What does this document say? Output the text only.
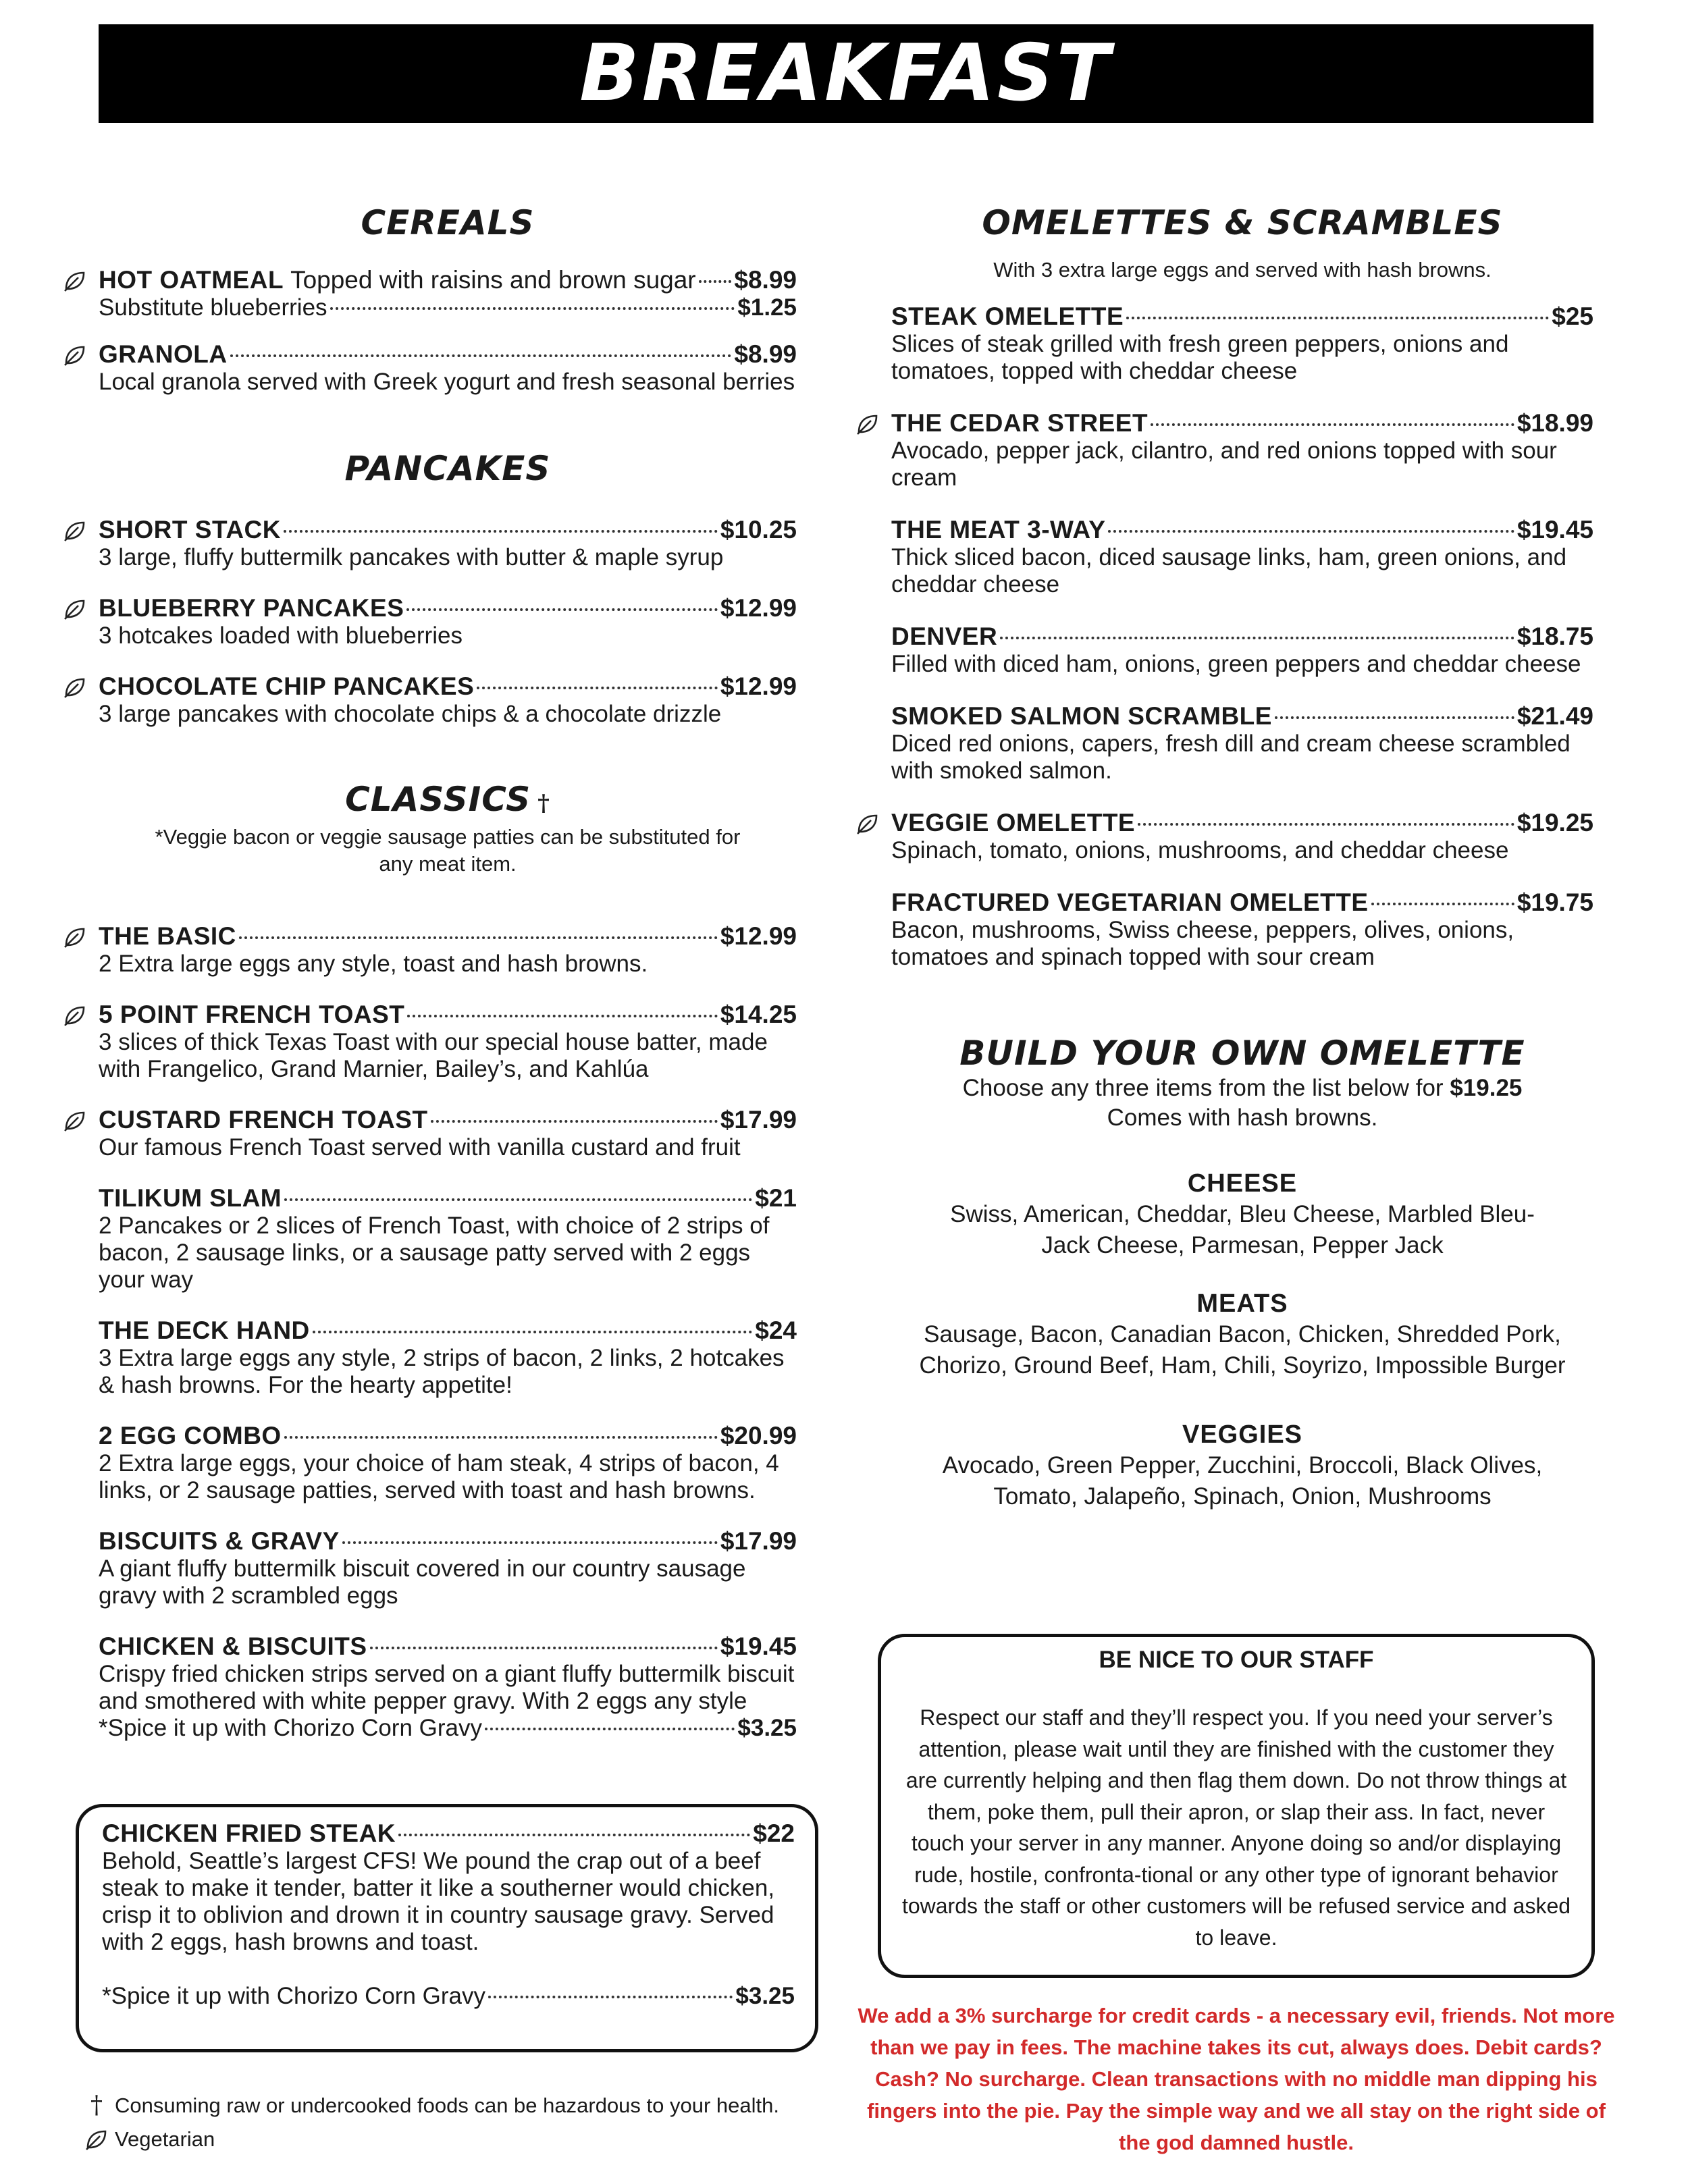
BREAKFAST
CEREALS
HOT OATMEAL Topped with raisins and brown sugar $8.99
Substitute blueberries	$1.25
GRANOLA	$8.99

Local granola served with Greek yogurt and fresh seasonal berries

PANCAKES
SHORT STACK	$10.25

3 large, fluffy buttermilk pancakes with butter & maple syrup

BLUEBERRY PANCAKES	$12.99

3 hotcakes loaded with blueberries

CHOCOLATE CHIP PANCAKES	$12.99

3 large pancakes with chocolate chips & a chocolate drizzle

CLASSICS †

*Veggie bacon or veggie sausage patties can be substituted for any meat item.

THE BASIC	$12.99

2 Extra large eggs any style, toast and hash browns.

5 POINT FRENCH TOAST	$14.25

3 slices of thick Texas Toast with our special house batter, made with Frangelico, Grand Marnier, Bailey’s, and Kahlúa

CUSTARD FRENCH TOAST	$17.99

Our famous French Toast served with vanilla custard and fruit

TILIKUM SLAM	$21

2 Pancakes or 2 slices of French Toast, with choice of 2 strips of bacon, 2 sausage links, or a sausage patty served with 2 eggs your way

THE DECK HAND	$24

3 Extra large eggs any style, 2 strips of bacon, 2 links, 2 hotcakes & hash browns. For the hearty appetite!

2 EGG COMBO	$20.99

2 Extra large eggs, your choice of ham steak, 4 strips of bacon, 4 links, or 2 sausage patties, served with toast and hash browns.

BISCUITS & GRAVY	$17.99

A giant fluffy buttermilk biscuit covered in our country sausage gravy with 2 scrambled eggs

CHICKEN & BISCUITS	$19.45

Crispy fried chicken strips served on a giant fluffy buttermilk biscuit and smothered with white pepper gravy. With 2 eggs any style

*Spice it up with Chorizo Corn Gravy	$3.25
CHICKEN FRIED STEAK	$22

Behold, Seattle’s largest CFS! We pound the crap out of a beef steak to make it tender, batter it like a southerner would chicken, crisp it to oblivion and drown it in country sausage gravy. Served with 2 eggs, hash browns and toast.

*Spice it up with Chorizo Corn Gravy	$3.25
† Consuming raw or undercooked foods can be hazardous to your health.
Vegetarian
OMELETTES & SCRAMBLES

With 3 extra large eggs and served with hash browns.

STEAK OMELETTE	$25

Slices of steak grilled with fresh green peppers, onions and tomatoes, topped with cheddar cheese

THE CEDAR STREET	$18.99

Avocado, pepper jack, cilantro, and red onions topped with sour cream

THE MEAT 3-WAY	$19.45

Thick sliced bacon, diced sausage links, ham, green onions, and cheddar cheese

DENVER	$18.75

Filled with diced ham, onions, green peppers and cheddar cheese

SMOKED SALMON SCRAMBLE	$21.49

Diced red onions, capers, fresh dill and cream cheese scrambled with smoked salmon.

VEGGIE OMELETTE	$19.25

Spinach, tomato, onions, mushrooms, and cheddar cheese

FRACTURED VEGETARIAN OMELETTE	$19.75

Bacon, mushrooms, Swiss cheese, peppers, olives, onions, tomatoes and spinach topped with sour cream

BUILD YOUR OWN OMELETTE
Choose any three items from the list below for $19.25
Comes with hash browns.
CHEESE
Swiss, American, Cheddar, Bleu Cheese, Marbled Bleu-Jack Cheese, Parmesan, Pepper Jack
MEATS
Sausage, Bacon, Canadian Bacon, Chicken, Shredded Pork, Chorizo, Ground Beef, Ham, Chili, Soyrizo, Impossible Burger
VEGGIES
Avocado, Green Pepper, Zucchini, Broccoli, Black Olives, Tomato, Jalapeño, Spinach, Onion, Mushrooms

BE NICE TO OUR STAFF

Respect our staff and they’ll respect you. If you need your server’s attention, please wait until they are finished with the customer they are currently helping and then flag them down. Do not throw things at them, poke them, pull their apron, or slap their ass. In fact, never touch your server in any manner. Anyone doing so and/or displaying rude, hostile, confronta-tional or any other type of ignorant behavior towards the staff or other customers will be refused service and asked to leave.

We add a 3% surcharge for credit cards - a necessary evil, friends. Not more than we pay in fees. The machine takes its cut, always does. Debit cards? Cash? No surcharge. Clean transactions with no middle man dipping his fingers into the pie. Pay the simple way and we all stay on the right side of the god damned hustle.
